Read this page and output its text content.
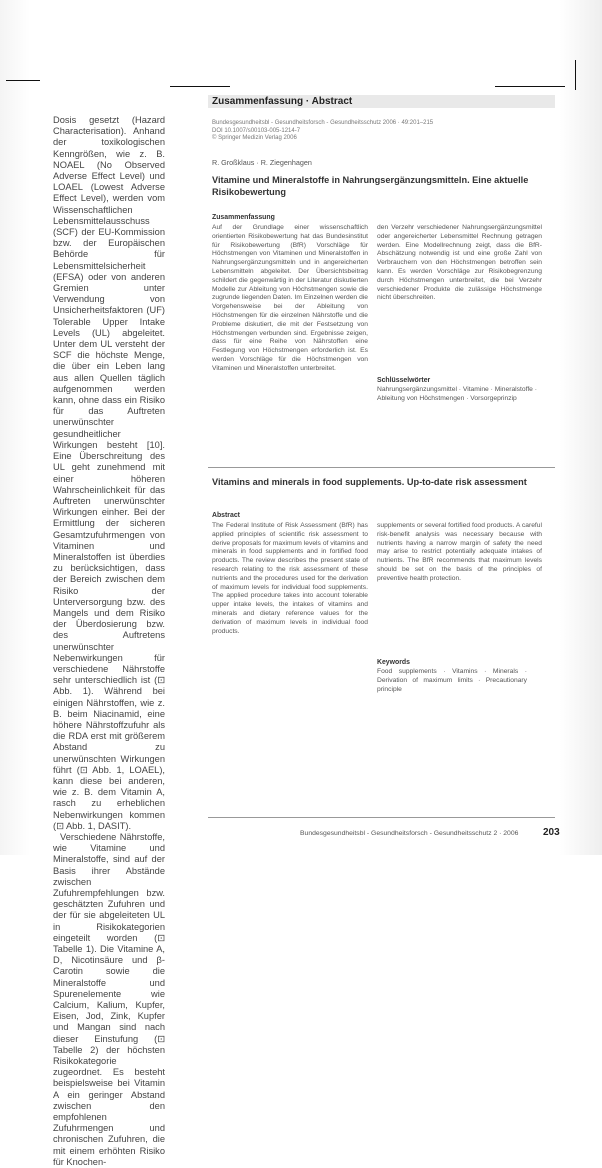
Dosis gesetzt (Hazard Characterisation). Anhand der toxikologischen Kenngrößen, wie z. B. NOAEL (No Observed Adverse Effect Level) und LOAEL (Lowest Adverse Effect Level), werden vom Wissenschaftlichen Lebensmittelausschuss (SCF) der EU-Kommission bzw. der Europäischen Behörde für Lebensmittelsicherheit (EFSA) oder von anderen Gremien unter Verwendung von Unsicherheitsfaktoren (UF) Tolerable Upper Intake Levels (UL) abgeleitet. Unter dem UL versteht der SCF die höchste Menge, die über ein Leben lang aus allen Quellen täglich aufgenommen werden kann, ohne dass ein Risiko für das Auftreten unerwünschter gesundheitlicher Wirkungen besteht [10]. Eine Überschreitung des UL geht zunehmend mit einer höheren Wahrscheinlichkeit für das Auftreten unerwünschter Wirkungen einher. Bei der Ermittlung der sicheren Gesamtzufuhrmengen von Vitaminen und Mineralstoffen ist überdies zu berücksichtigen, dass der Bereich zwischen dem Risiko der Unterversorgung bzw. des Mangels und dem Risiko der Überdosierung bzw. des Auftretens unerwünschter Nebenwirkungen für verschiedene Nährstoffe sehr unterschiedlich ist (⊡ Abb. 1). Während bei einigen Nährstoffen, wie z. B. beim Niacinamid, eine höhere Nährstoffzufuhr als die RDA erst mit größerem Abstand zu unerwünschten Wirkungen führt (⊡ Abb. 1, LOAEL), kann diese bei anderen, wie z. B. dem Vitamin A, rasch zu erheblichen Nebenwirkungen kommen (⊡ Abb. 1, DASIT).

Verschiedene Nährstoffe, wie Vitamine und Mineralstoffe, sind auf der Basis ihrer Abstände zwischen Zufuhrempfehlungen bzw. geschätzten Zufuhren und der für sie abgeleiteten UL in Risikokategorien eingeteilt worden (⊡ Tabelle 1). Die Vitamine A, D, Nicotinsäure und β-Carotin sowie die Mineralstoffe und Spurenelemente wie Calcium, Kalium, Kupfer, Eisen, Jod, Zink, Kupfer und Mangan sind nach dieser Einstufung (⊡ Tabelle 2) der höchsten Risikokategorie zugeordnet. Es besteht beispielsweise bei Vitamin A ein geringer Abstand zwischen den empfohlenen Zufuhrmengen und chronischen Zufuhren, die mit einem erhöhten Risiko für Knochen-

Zusammenfassung · Abstract
Bundesgesundheitsbl - Gesundheitsforsch - Gesundheitsschutz 2006 · 49:201–215
DOI 10.1007/s00103-005-1214-7
© Springer Medizin Verlag 2006
R. Großklaus · R. Ziegenhagen
Vitamine und Mineralstoffe in Nahrungsergänzungsmitteln. Eine aktuelle Risikobewertung
Zusammenfassung
Auf der Grundlage einer wissenschaftlich orientierten Risikobewertung hat das Bundesinstitut für Risikobewertung (BfR) Vorschläge für Höchstmengen von Vitaminen und Mineralstoffen in Nahrungsergänzungsmitteln und in angereicherten Lebensmitteln abgeleitet. Der Übersichtsbeitrag schildert die gegenwärtig in der Literatur diskutierten Modelle zur Ableitung von Höchstmengen sowie die zugrunde liegenden Daten. Im Einzelnen werden die Vorgehensweise bei der Ableitung von Höchstmengen für die einzelnen Nährstoffe und die Probleme diskutiert, die mit der Festsetzung von Höchstmengen verbunden sind. Ergebnisse zeigen, dass für eine Reihe von Nährstoffen eine Festlegung von Höchstmengen erforderlich ist. Es werden Vorschläge für die Höchstmengen von Vitaminen und Mineralstoffen unterbreitet.
den Verzehr verschiedener Nahrungsergänzungsmittel oder angereicherter Lebensmittel Rechnung getragen werden. Eine Modellrechnung zeigt, dass die BfR-Abschätzung notwendig ist und eine große Zahl von Verbrauchern von den Höchstmengen betroffen sein kann. Es werden Vorschläge zur Risikobegrenzung durch Höchstmengen unterbreitet, die bei Verzehr verschiedener Produkte die zulässige Höchstmenge nicht überschreiten.
Schlüsselwörter
Nahrungsergänzungsmittel · Vitamine · Mineralstoffe · Ableitung von Höchstmengen · Vorsorgeprinzip
Vitamins and minerals in food supplements. Up-to-date risk assessment
Abstract
The Federal Institute of Risk Assessment (BfR) has applied principles of scientific risk assessment to derive proposals for maximum levels of vitamins and minerals in food supplements and in fortified food products. The review describes the present state of research relating to the risk assessment of these nutrients and the procedures used for the derivation of maximum levels for individual food supplements. The applied procedure takes into account tolerable upper intake levels, the intakes of vitamins and minerals and dietary reference values for the derivation of maximum levels in individual food products.
supplements or several fortified food products. A careful risk-benefit analysis was necessary because with nutrients having a narrow margin of safety the need may arise to restrict potentially adequate intakes of nutrients. The BfR recommends that maximum levels should be set on the basis of the principles of preventive health protection.
Keywords
Food supplements · Vitamins · Minerals · Derivation of maximum limits · Precautionary principle
Bundesgesundheitsbl - Gesundheitsforsch - Gesundheitsschutz 2 · 2006 203
